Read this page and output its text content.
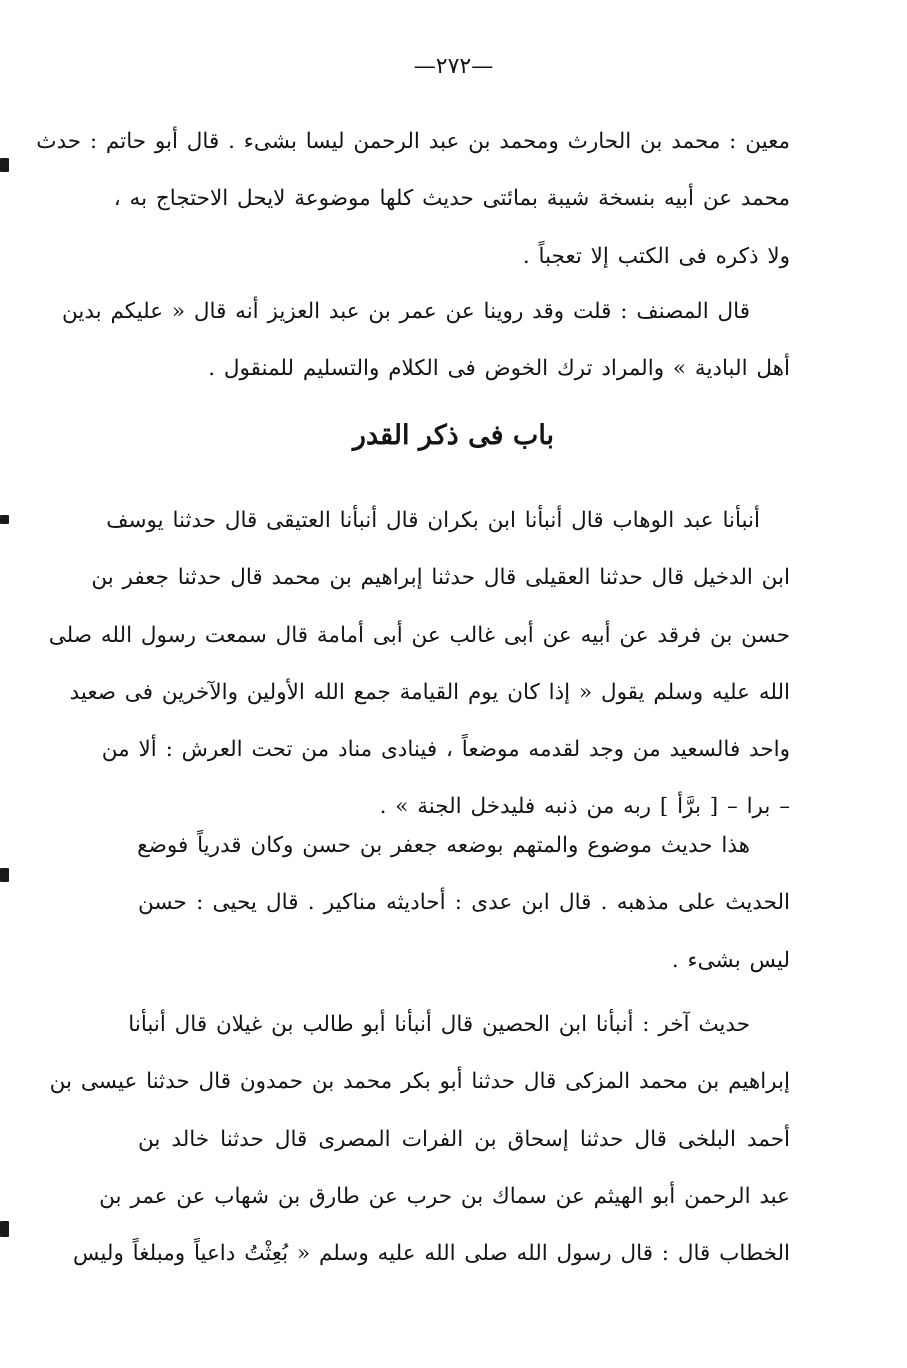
—٢٧٢—
معين : محمد بن الحارث ومحمد بن عبد الرحمن ليسا بشىء . قال أبو حاتم : حدث
محمد عن أبيه بنسخة شيبة بمائتى حديث كلها موضوعة لايحل الاحتجاج به ،
ولا ذكره فى الكتب إلا تعجباً .
قال المصنف : قلت وقد روينا عن عمر بن عبد العزيز أنه قال « عليكم بدين
أهل البادية » والمراد ترك الخوض فى الكلام والتسليم للمنقول .
باب فى ذكر القدر
أنبأنا عبد الوهاب قال أنبأنا ابن بكران قال أنبأنا العتيقى قال حدثنا يوسف
ابن الدخيل قال حدثنا العقيلى قال حدثنا إبراهيم بن محمد قال حدثنا جعفر بن
حسن بن فرقد عن أبيه عن أبى غالب عن أبى أمامة قال سمعت رسول الله صلى
الله عليه وسلم يقول « إذا كان يوم القيامة جمع الله الأولين والآخرين فى صعيد
واحد فالسعيد من وجد لقدمه موضعاً ، فينادى مناد من تحت العرش : ألا من
– برا – [ برَّأ ] ربه من ذنبه فليدخل الجنة » .
هذا حديث موضوع والمتهم بوضعه جعفر بن حسن وكان قدرياً فوضع
الحديث على مذهبه . قال ابن عدى : أحاديثه مناكير . قال يحيى : حسن
ليس بشىء .
حديث آخر : أنبأنا ابن الحصين قال أنبأنا أبو طالب بن غيلان قال أنبأنا
إبراهيم بن محمد المزكى قال حدثنا أبو بكر محمد بن حمدون قال حدثنا عيسى بن
أحمد البلخى قال حدثنا إسحاق بن الفرات المصرى قال حدثنا خالد بن
عبد الرحمن أبو الهيثم عن سماك بن حرب عن طارق بن شهاب عن عمر بن
الخطاب قال : قال رسول الله صلى الله عليه وسلم « بُعِثْتُ داعياً ومبلغاً وليس
